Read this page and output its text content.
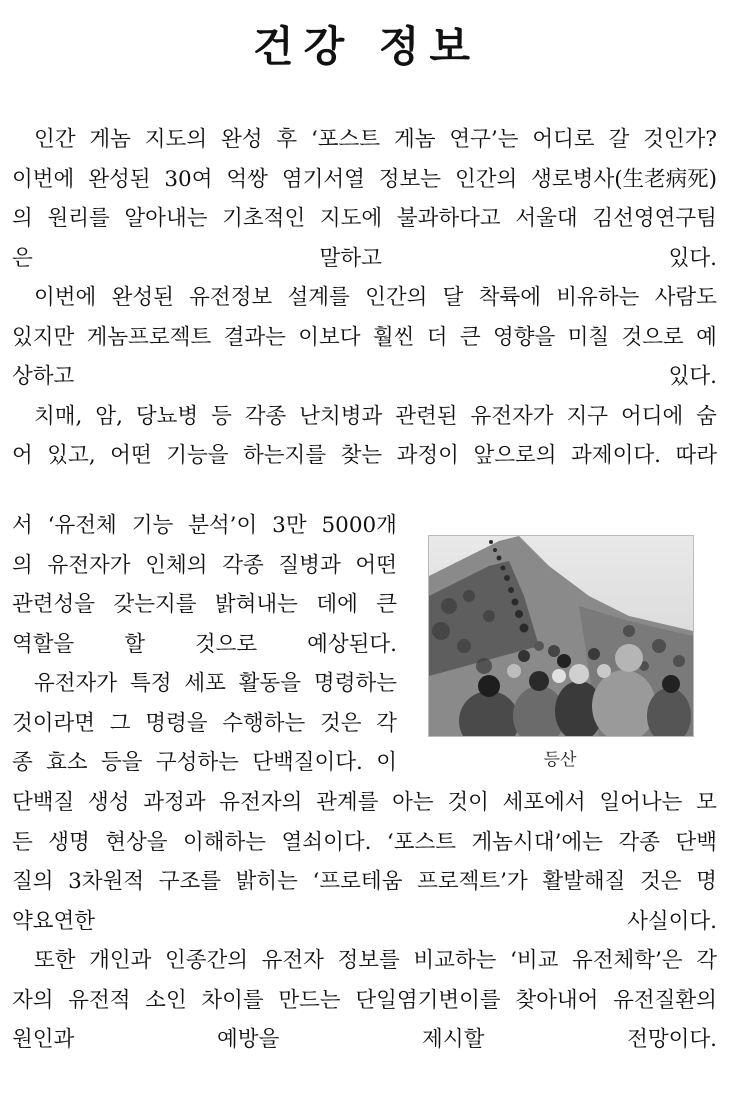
건강 정보
인간 게놈 지도의 완성 후 ‘포스트 게놈 연구’는 어디로 갈 것인가?
이번에 완성된 30여 억쌍 염기서열 정보는 인간의 생로병사(生老病死)
의 원리를 알아내는 기초적인 지도에 불과하다고 서울대 김선영연구팀
은 말하고 있다.
이번에 완성된 유전정보 설계를 인간의 달 착륙에 비유하는 사람도
있지만 게놈프로젝트 결과는 이보다 훨씬 더 큰 영향을 미칠 것으로 예
상하고 있다.
치매, 암, 당뇨병 등 각종 난치병과 관련된 유전자가 지구 어디에 숨
어 있고, 어떤 기능을 하는지를 찾는 과정이 앞으로의 과제이다. 따라
서 ‘유전체 기능 분석’이 3만 5000개
의 유전자가 인체의 각종 질병과 어떤
관련성을 갖는지를 밝혀내는 데에 큰
역할을 할 것으로 예상된다.
유전자가 특정 세포 활동을 명령하는
것이라면 그 명령을 수행하는 것은 각
종 효소 등을 구성하는 단백질이다. 이	등산
단백질 생성 과정과 유전자의 관계를 아는 것이 세포에서 일어나는 모
든 생명 현상을 이해하는 열쇠이다. ‘포스트 게놈시대’에는 각종 단백
질의 3차원적 구조를 밝히는 ‘프로테움 프로젝트’가 활발해질 것은 명
약요연한 사실이다.
또한 개인과 인종간의 유전자 정보를 비교하는 ‘비교 유전체학’은 각
자의 유전적 소인 차이를 만드는 단일염기변이를 찾아내어 유전질환의
원인과 예방을 제시할 전망이다.
